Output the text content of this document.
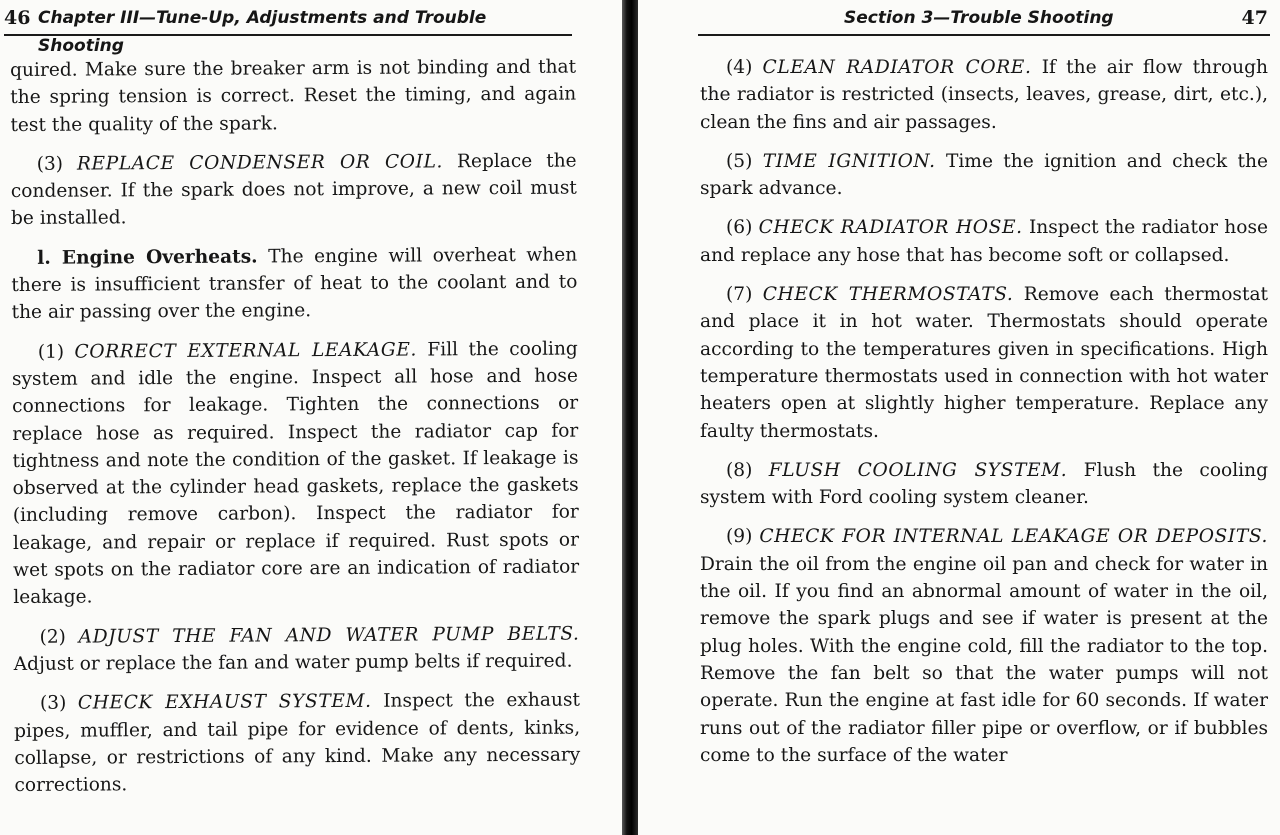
46 Chapter III—Tune-Up, Adjustments and Trouble Shooting

quired. Make sure the breaker arm is not binding and that the spring tension is correct. Reset the timing, and again test the quality of the spark.

(3) REPLACE CONDENSER OR COIL. Replace the condenser. If the spark does not improve, a new coil must be installed.

l. Engine Overheats. The engine will overheat when there is insufficient transfer of heat to the coolant and to the air passing over the engine.

(1) CORRECT EXTERNAL LEAKAGE. Fill the cooling system and idle the engine. Inspect all hose and hose connections for leakage. Tighten the connections or replace hose as required. Inspect the radiator cap for tightness and note the condition of the gasket. If leakage is observed at the cylinder head gaskets, replace the gaskets (including remove carbon). Inspect the radiator for leakage, and repair or replace if required. Rust spots or wet spots on the radiator core are an indication of radiator leakage.

(2) ADJUST THE FAN AND WATER PUMP BELTS. Adjust or replace the fan and water pump belts if required.

(3) CHECK EXHAUST SYSTEM. Inspect the exhaust pipes, muffler, and tail pipe for evidence of dents, kinks, collapse, or restrictions of any kind. Make any necessary corrections.

Section 3—Trouble Shooting	47

(4) CLEAN RADIATOR CORE. If the air flow through the radiator is restricted (insects, leaves, grease, dirt, etc.), clean the fins and air passages.

(5) TIME IGNITION. Time the ignition and check the spark advance.

(6) CHECK RADIATOR HOSE. Inspect the radiator hose and replace any hose that has become soft or collapsed.

(7) CHECK THERMOSTATS. Remove each thermostat and place it in hot water. Thermostats should operate according to the temperatures given in specifications. High temperature thermostats used in connection with hot water heaters open at slightly higher temperature. Replace any faulty thermostats.

(8) FLUSH COOLING SYSTEM. Flush the cooling system with Ford cooling system cleaner.

(9) CHECK FOR INTERNAL LEAKAGE OR DEPOSITS. Drain the oil from the engine oil pan and check for water in the oil. If you find an abnormal amount of water in the oil, remove the spark plugs and see if water is present at the plug holes. With the engine cold, fill the radiator to the top. Remove the fan belt so that the water pumps will not operate. Run the engine at fast idle for 60 seconds. If water runs out of the radiator filler pipe or overflow, or if bubbles come to the surface of the water
